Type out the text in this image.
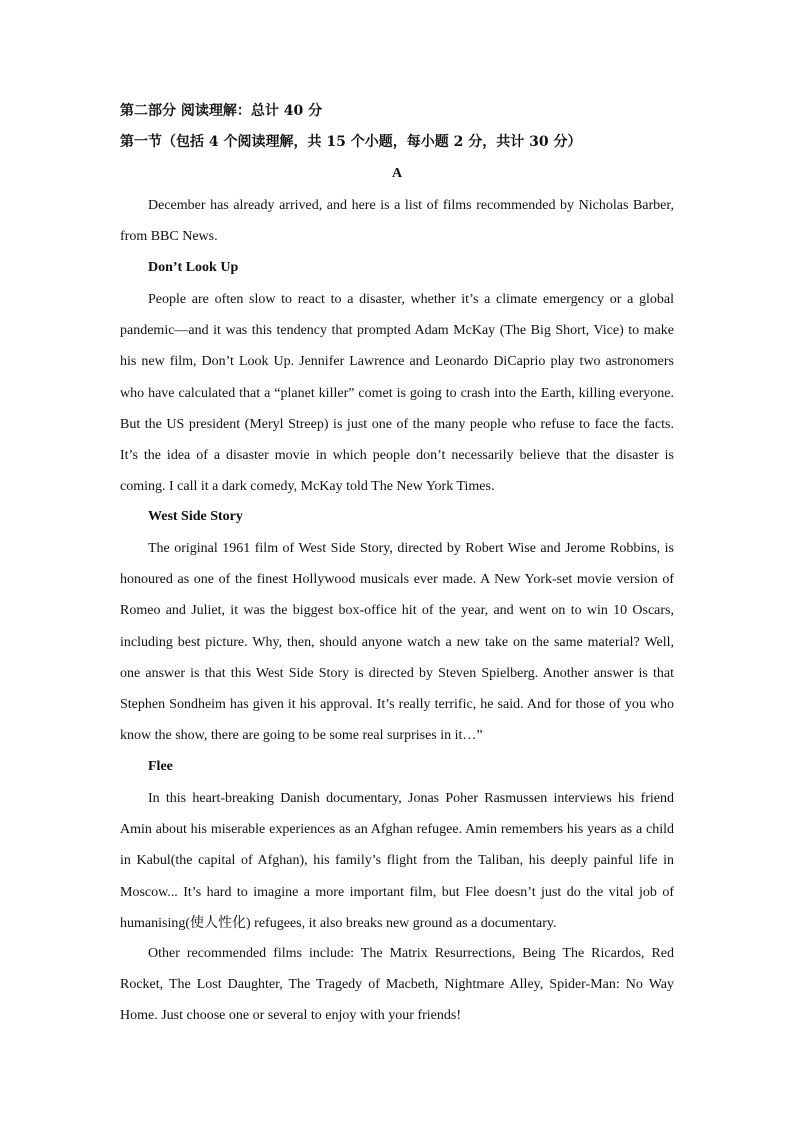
第二部分 阅读理解：总计 40 分
第一节（包括 4 个阅读理解，共 15 个小题，每小题 2 分，共计 30 分）
A

December has already arrived, and here is a list of films recommended by Nicholas Barber, from BBC News.

Don’t Look Up

People are often slow to react to a disaster, whether it’s a climate emergency or a global pandemic—and it was this tendency that prompted Adam McKay (The Big Short, Vice) to make his new film, Don’t Look Up. Jennifer Lawrence and Leonardo DiCaprio play two astronomers who have calculated that a “planet killer” comet is going to crash into the Earth, killing everyone. But the US president (Meryl Streep) is just one of the many people who refuse to face the facts. It’s the idea of a disaster movie in which people don’t necessarily believe that the disaster is coming. I call it a dark comedy, McKay told The New York Times.

West Side Story

The original 1961 film of West Side Story, directed by Robert Wise and Jerome Robbins, is honoured as one of the finest Hollywood musicals ever made. A New York-set movie version of Romeo and Juliet, it was the biggest box-office hit of the year, and went on to win 10 Oscars, including best picture. Why, then, should anyone watch a new take on the same material? Well, one answer is that this West Side Story is directed by Steven Spielberg. Another answer is that Stephen Sondheim has given it his approval. It’s really terrific, he said. And for those of you who know the show, there are going to be some real surprises in it…”

Flee

In this heart-breaking Danish documentary, Jonas Poher Rasmussen interviews his friend Amin about his miserable experiences as an Afghan refugee. Amin remembers his years as a child in Kabul(the capital of Afghan), his family’s flight from the Taliban, his deeply painful life in Moscow... It’s hard to imagine a more important film, but Flee doesn’t just do the vital job of humanising(使人性化) refugees, it also breaks new ground as a documentary.

Other recommended films include: The Matrix Resurrections, Being The Ricardos, Red Rocket, The Lost Daughter, The Tragedy of Macbeth, Nightmare Alley, Spider-Man: No Way Home. Just choose one or several to enjoy with your friends!
